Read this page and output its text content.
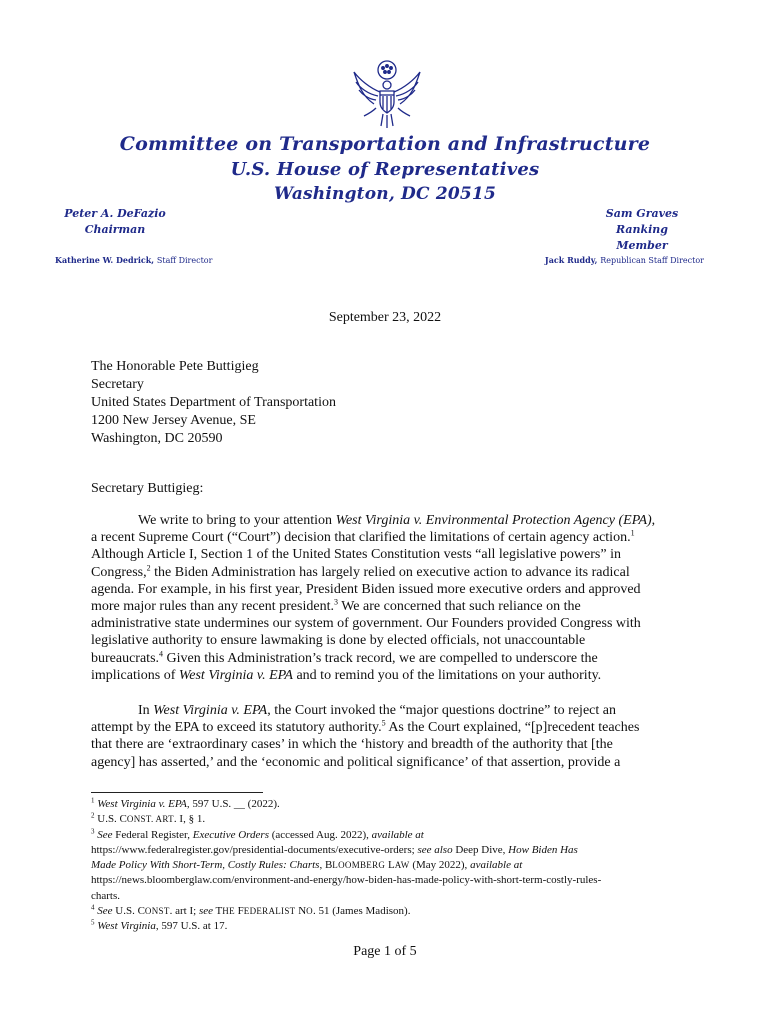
Committee on Transportation and Infrastructure
U.S. House of Representatives
Washington, DC 20515
Peter A. DeFazio
Chairman
Sam Graves
Ranking Member
Katherine W. Dedrick, Staff Director	Jack Ruddy, Republican Staff Director
September 23, 2022
The Honorable Pete Buttigieg
Secretary
United States Department of Transportation
1200 New Jersey Avenue, SE
Washington, DC 20590
Secretary Buttigieg:
We write to bring to your attention West Virginia v. Environmental Protection Agency (EPA),
a recent Supreme Court (“Court”) decision that clarified the limitations of certain agency action.$^1$
Although Article I, Section 1 of the United States Constitution vests “all legislative powers” in
Congress,$^2$ the Biden Administration has largely relied on executive action to advance its radical
agenda. For example, in his first year, President Biden issued more executive orders and approved
more major rules than any recent president.$^3$ We are concerned that such reliance on the
administrative state undermines our system of government. Our Founders provided Congress with
legislative authority to ensure lawmaking is done by elected officials, not unaccountable
bureaucrats.$^4$ Given this Administration’s track record, we are compelled to underscore the
implications of West Virginia v. EPA and to remind you of the limitations on your authority.
In West Virginia v. EPA, the Court invoked the “major questions doctrine” to reject an
attempt by the EPA to exceed its statutory authority.$^5$ As the Court explained, “[p]recedent teaches
that there are ‘extraordinary cases’ in which the ‘history and breadth of the authority that [the
agency] has asserted,’ and the ‘economic and political significance’ of that assertion, provide a
$^1$ West Virginia v. EPA, 597 U.S. __ (2022).
$^2$ U.S. CONST. ART. I, § 1.
$^3$ See Federal Register, Executive Orders (accessed Aug. 2022), available at
https://www.federalregister.gov/presidential-documents/executive-orders; see also Deep Dive, How Biden Has
Made Policy With Short-Term, Costly Rules: Charts, BLOOMBERG LAW (May 2022), available at
https://news.bloomberglaw.com/environment-and-energy/how-biden-has-made-policy-with-short-term-costly-rules-
charts.
$^4$ See U.S. CONST. art I; see THE FEDERALIST NO. 51 (James Madison).
$^5$ West Virginia, 597 U.S. at 17.
Page 1 of 5
